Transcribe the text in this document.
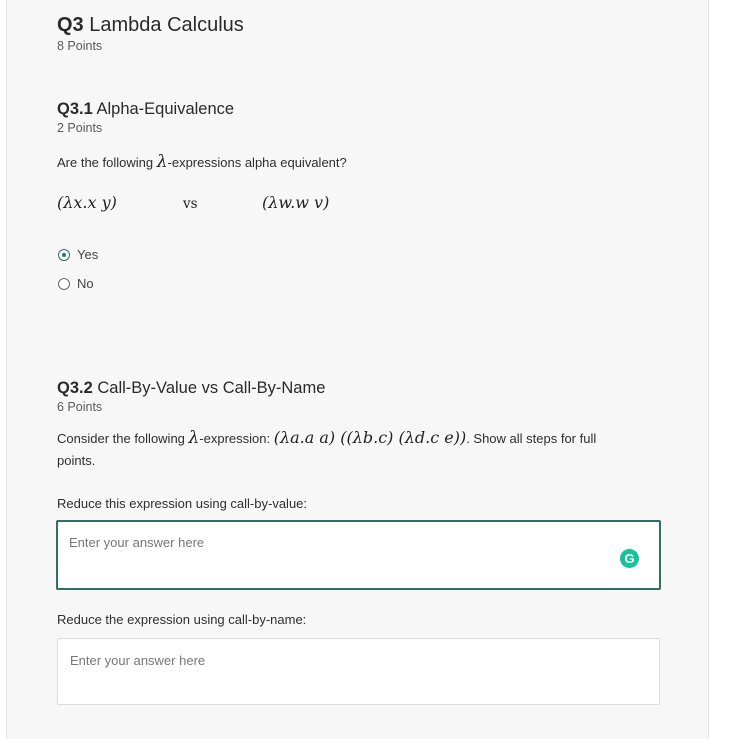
Q3 Lambda Calculus
8 Points
Q3.1 Alpha-Equivalence
2 Points
Are the following λ-expressions alpha equivalent?
(λx.x y)	vs	(λw.w v)
Yes
No
Q3.2 Call-By-Value vs Call-By-Name
6 Points
Consider the following λ-expression: (λa.a a) ((λb.c) (λd.c e)). Show all steps for full
points.
Reduce this expression using call-by-value:
Enter your answer here
G
Reduce the expression using call-by-name:
Enter your answer here
